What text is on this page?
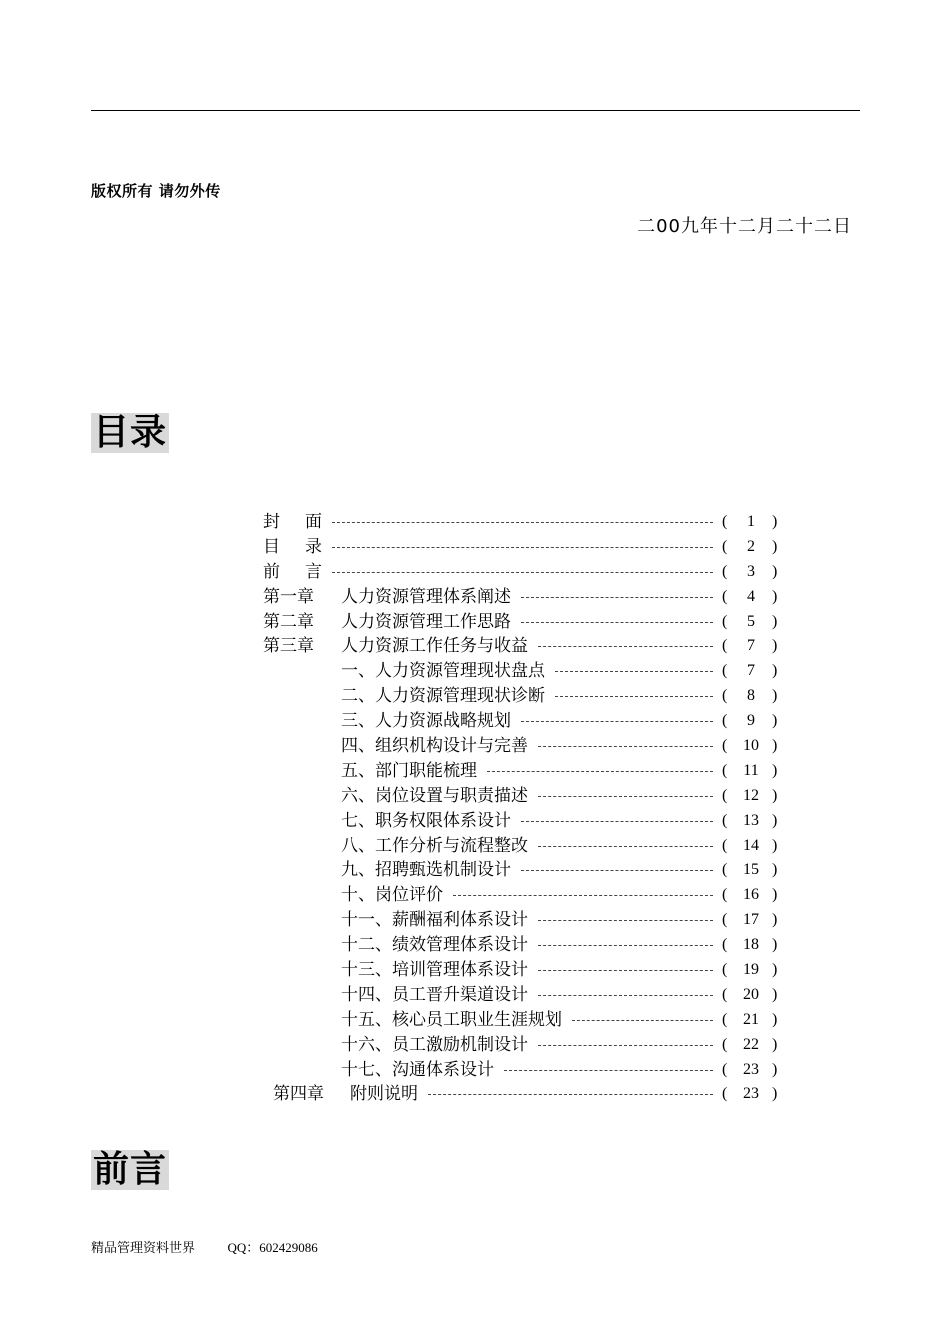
版权所有 请勿外传
二00九年十二月二十二日
目录
封	面	(	1	)
目	录	(	2	)
前	言	(	3	)
第一章	人力资源管理体系阐述	(	4	)
第二章	人力资源管理工作思路	(	5	)
第三章	人力资源工作任务与收益	(	7	)
一、人力资源管理现状盘点	(	7	)
二、人力资源管理现状诊断	(	8	)
三、人力资源战略规划	(	9	)
四、组织机构设计与完善	( 10 )
五、部门职能梳理	( 11 )
六、岗位设置与职责描述	( 12 )
七、职务权限体系设计	( 13 )
八、工作分析与流程整改	( 14 )
九、招聘甄选机制设计	( 15 )
十、岗位评价	( 16 )
十一、薪酬福利体系设计	( 17 )
十二、绩效管理体系设计	( 18 )
十三、培训管理体系设计	( 19 )
十四、员工晋升渠道设计	( 20 )
十五、核心员工职业生涯规划	( 21 )
十六、员工激励机制设计	( 22 )
十七、沟通体系设计	( 23 )
第四章	附则说明	( 23 )
前言
精品管理资料世界	QQ：602429086
